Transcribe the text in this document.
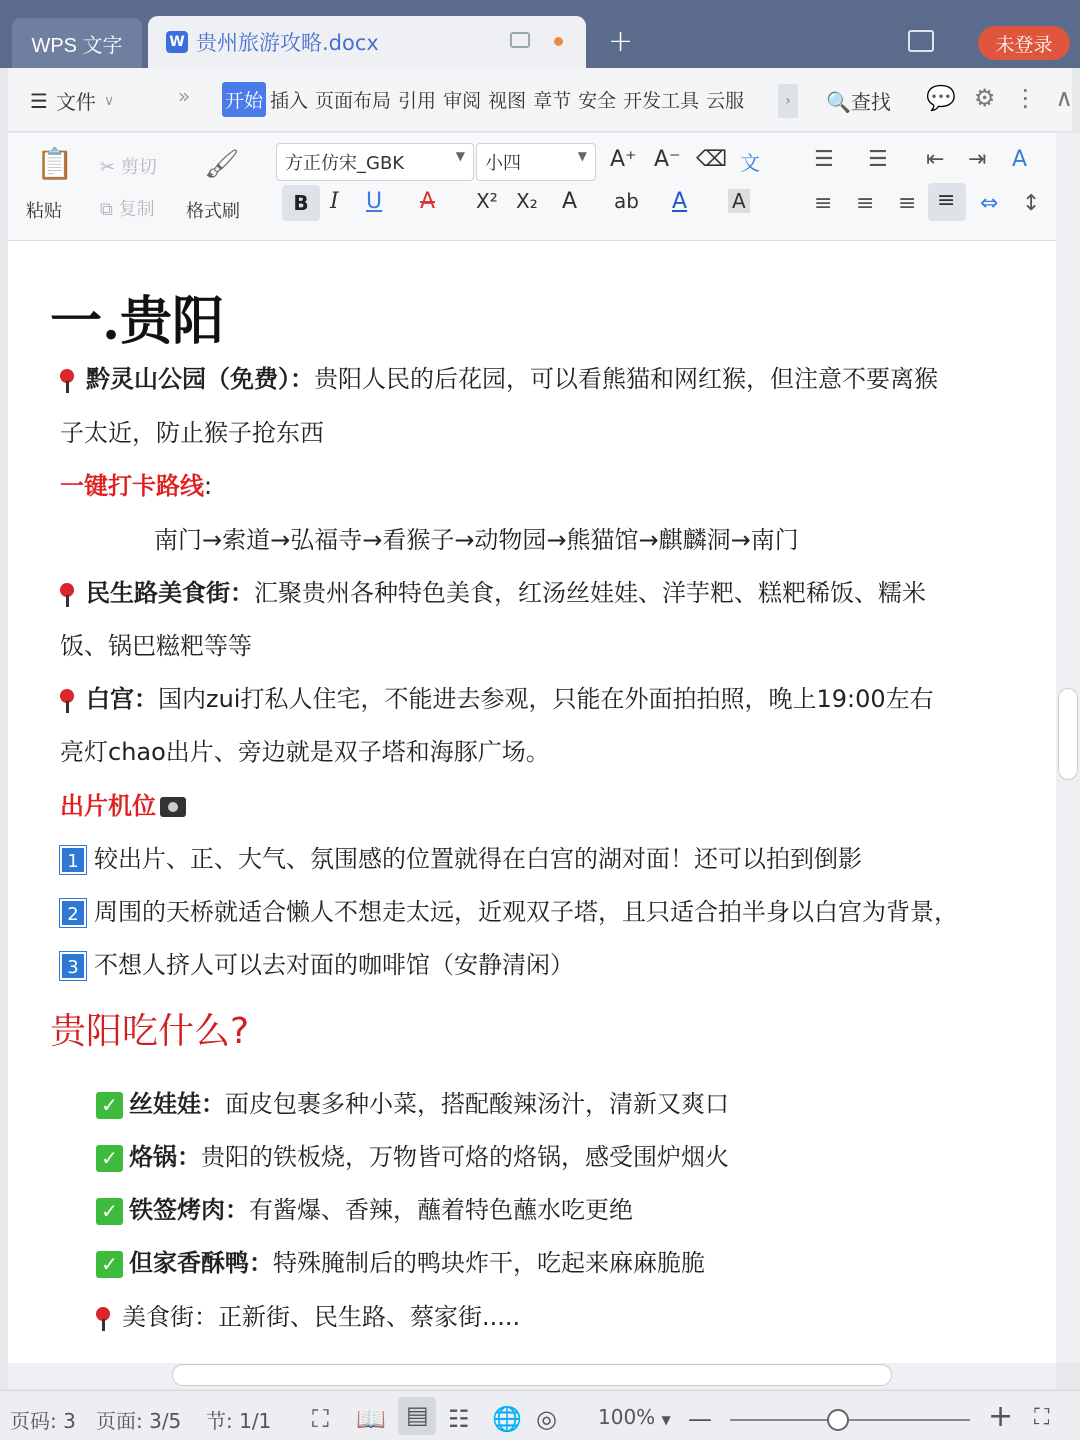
WPS 文字	W 贵州旅游攻略.docx	+	未登录
☰ 文件 ∨	» 开始 插入 页面布局 引用 审阅 视图 章节 安全 开发工具 云服	›	🔍查找 💬 ⚙ ⋮ ∧
📋
粘贴
✂ 剪切
⧉ 复制
🖌
格式刷
方正仿宋_GBK	▼	小四	▼ A⁺ A⁻ ⌫ 文
B I U A X² X₂ A ab A A
☰ ☰ ⇤ ⇥ A
≡ ≡ ≡ ≡ ⇔ ↕
一.贵阳
黔灵山公园（免费）：贵阳人民的后花园，可以看熊猫和网红猴，但注意不要离猴
子太近，防止猴子抢东西
一键打卡路线:
南门→索道→弘福寺→看猴子→动物园→熊猫馆→麒麟洞→南门
民生路美食街：汇聚贵州各种特色美食，红汤丝娃娃、洋芋粑、糕粑稀饭、糯米
饭、锅巴糍粑等等
白宫：国内zui打私人住宅，不能进去参观，只能在外面拍拍照，晚上19:00左右
亮灯chao出片、旁边就是双子塔和海豚广场。
出片机位
1 较出片、正、大气、氛围感的位置就得在白宫的湖对面！还可以拍到倒影
2 周围的天桥就适合懒人不想走太远，近观双子塔，且只适合拍半身以白宫为背景，
3 不想人挤人可以去对面的咖啡馆（安静清闲）
贵阳吃什么?
✓ 丝娃娃：面皮包裹多种小菜，搭配酸辣汤汁，清新又爽口
✓ 烙锅：贵阳的铁板烧，万物皆可烙的烙锅，感受围炉烟火
✓ 铁签烤肉：有酱爆、香辣，蘸着特色蘸水吃更绝
✓ 但家香酥鸭：特殊腌制后的鸭块炸干，吃起来麻麻脆脆
美食街：正新街、民生路、蔡家街.....
页码: 3 页面: 3/5 节: 1/1 ⛶ 📖 ▤ ☷ 🌐 ◎ 100% ▼ —	+ ⛶
